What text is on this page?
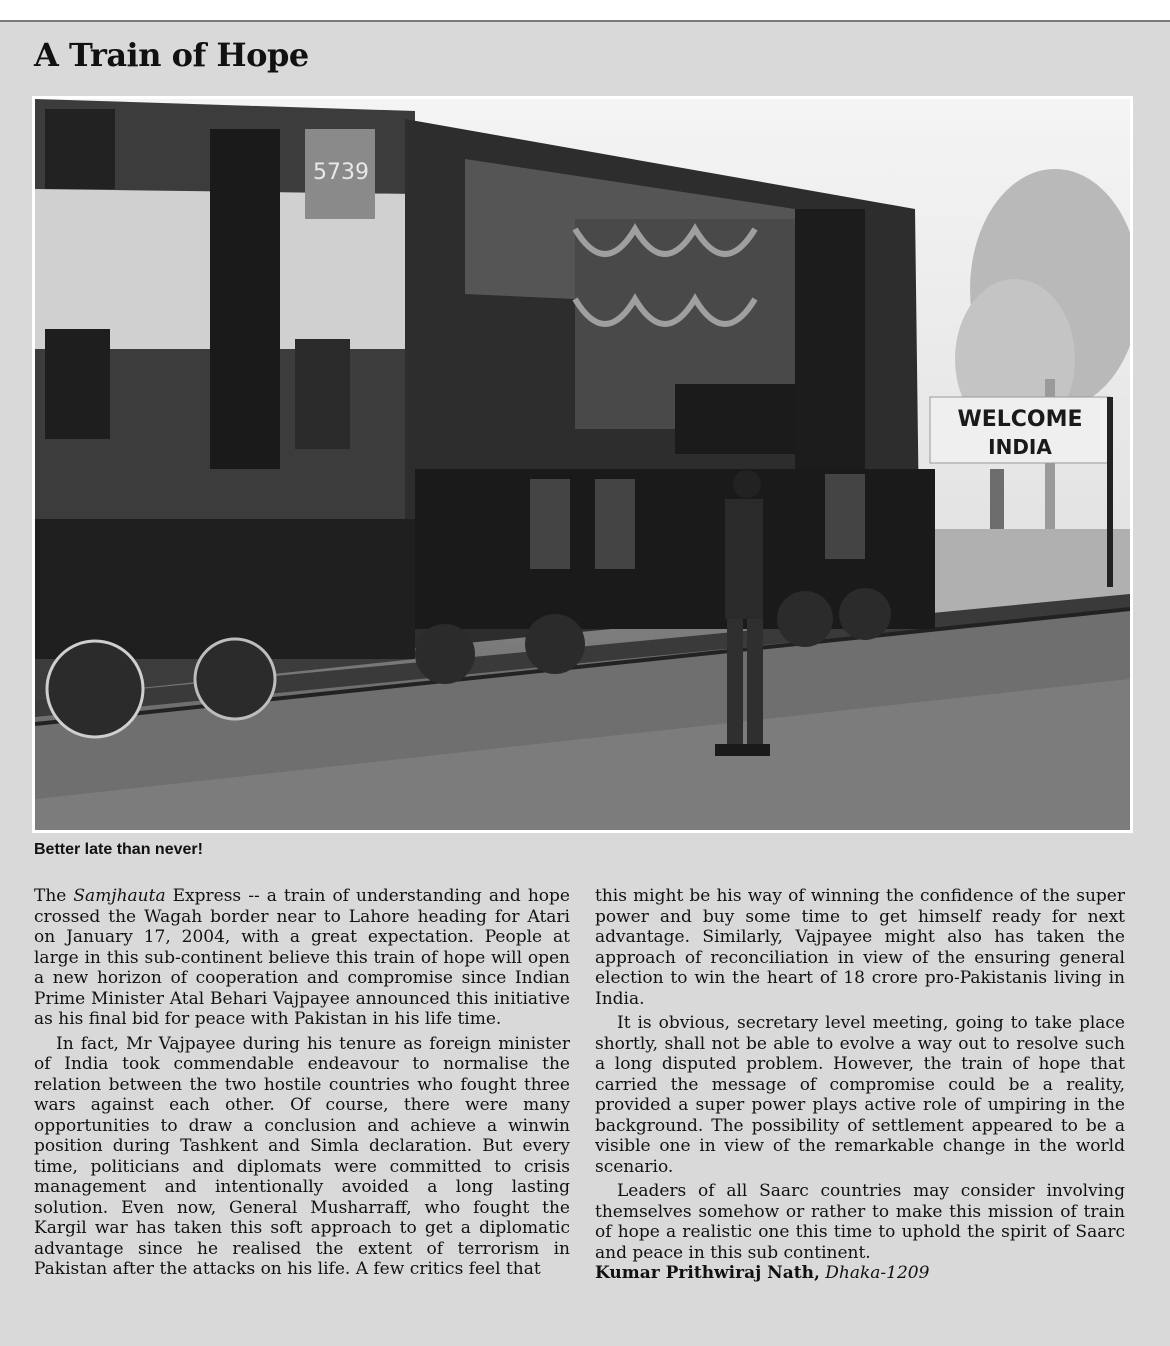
A Train of Hope
5739
WELCOME
INDIA
Better late than never!

The Samjhauta Express -- a train of understanding and hope crossed the Wagah border near to Lahore heading for Atari on January 17, 2004, with a great expectation. People at large in this sub-continent believe this train of hope will open a new horizon of cooperation and compromise since Indian Prime Minister Atal Behari Vajpayee announced this initiative as his final bid for peace with Pakistan in his life time.

In fact, Mr Vajpayee during his tenure as foreign minister of India took commendable endeavour to normalise the relation between the two hostile countries who fought three wars against each other. Of course, there were many opportunities to draw a conclusion and achieve a winwin position during Tashkent and Simla declaration. But every time, politicians and diplomats were committed to crisis management and intentionally avoided a long lasting solution. Even now, General Musharraff, who fought the Kargil war has taken this soft approach to get a diplomatic advantage since he realised the extent of terrorism in Pakistan after the attacks on his life. A few critics feel that

this might be his way of winning the confidence of the super power and buy some time to get himself ready for next advantage. Similarly, Vajpayee might also has taken the approach of reconciliation in view of the ensuring general election to win the heart of 18 crore pro-Pakistanis living in India.

It is obvious, secretary level meeting, going to take place shortly, shall not be able to evolve a way out to resolve such a long disputed problem. However, the train of hope that carried the message of compromise could be a reality, provided a super power plays active role of umpiring in the background. The possibility of settlement appeared to be a visible one in view of the remarkable change in the world scenario.

Leaders of all Saarc countries may consider involving themselves somehow or rather to make this mission of train of hope a realistic one this time to uphold the spirit of Saarc and peace in this sub continent.

Kumar Prithwiraj Nath, Dhaka-1209
